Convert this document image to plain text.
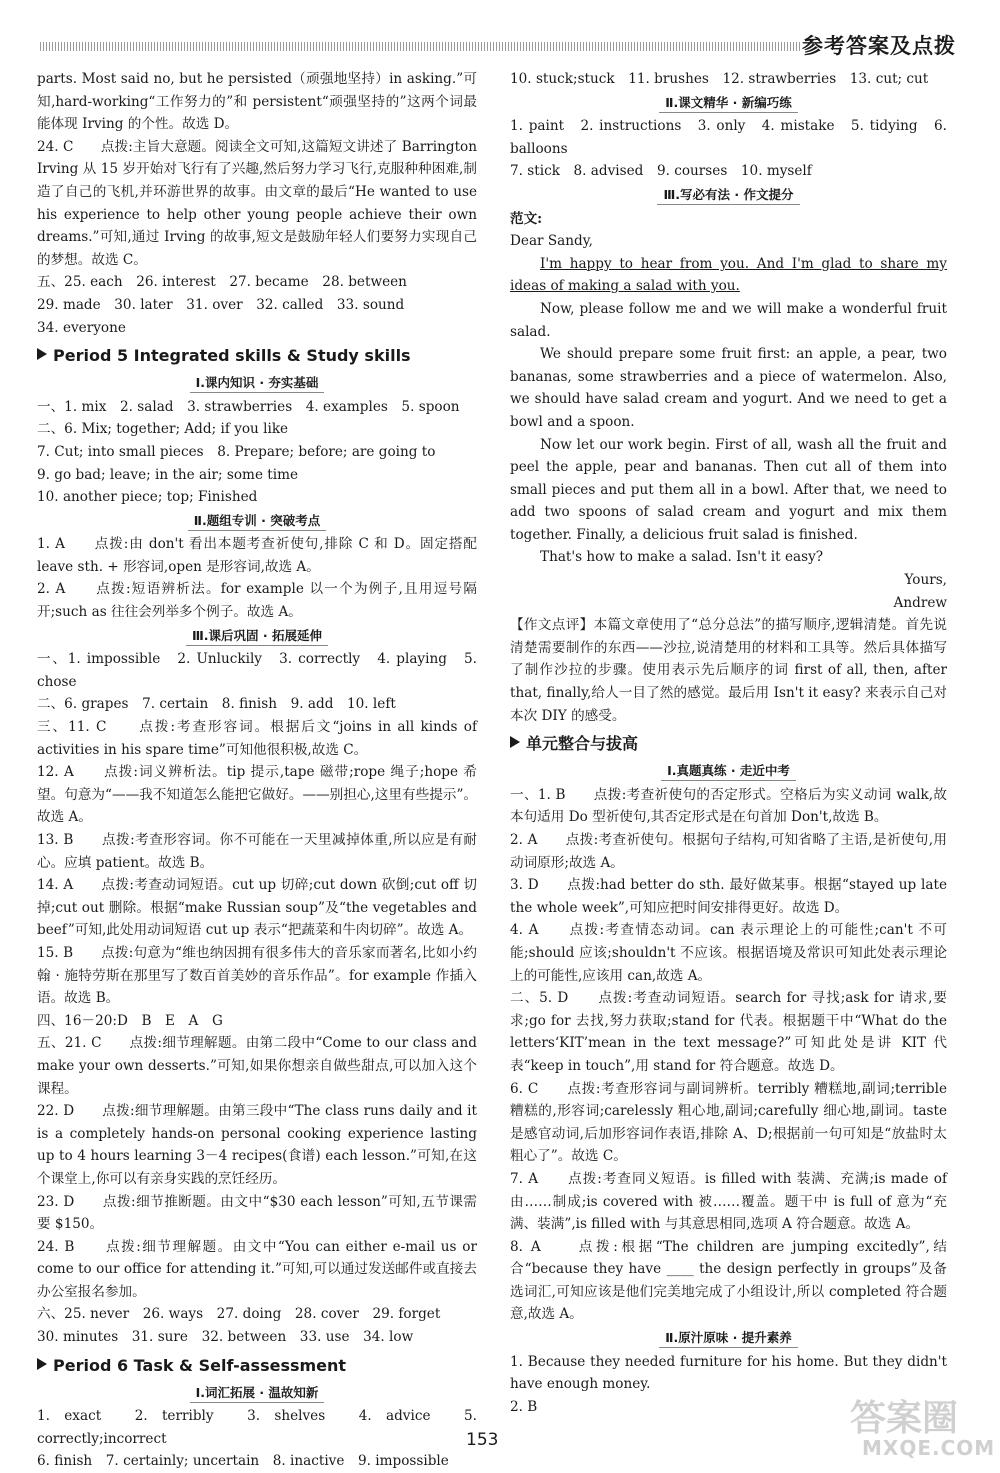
参考答案及点拨

parts. Most said no, but he persisted（顽强地坚持）in asking.”可知,hard-working“工作努力的”和 persistent“顽强坚持的”这两个词最能体现 Irving 的个性。故选 D。

24. C　　点拨:主旨大意题。阅读全文可知,这篇短文讲述了 Barrington Irving 从 15 岁开始对飞行有了兴趣,然后努力学习飞行,克服种种困难,制造了自己的飞机,并环游世界的故事。由文章的最后“He wanted to use his experience to help other young people achieve their own dreams.”可知,通过 Irving 的故事,短文是鼓励年轻人们要努力实现自己的梦想。故选 C。

五、25. each　26. interest　27. became　28. between

29. made　30. later　31. over　32. called　33. sound

34. everyone

Period 5 Integrated skills & Study skills
Ⅰ.课内知识 · 夯实基础

一、1. mix　2. salad　3. strawberries　4. examples　5. spoon

二、6. Mix; together; Add; if you like

7. Cut; into small pieces　8. Prepare; before; are going to

9. go bad; leave; in the air; some time

10. another piece; top; Finished

Ⅱ.题组专训 · 突破考点

1. A　　点拨:由 don't 看出本题考查祈使句,排除 C 和 D。固定搭配 leave sth. + 形容词,open 是形容词,故选 A。

2. A　　点拨:短语辨析法。for example 以一个为例子,且用逗号隔开;such as 往往会列举多个例子。故选 A。

Ⅲ.课后巩固 · 拓展延伸

一、1. impossible　2. Unluckily　3. correctly　4. playing　5. chose

二、6. grapes　7. certain　8. finish　9. add　10. left

三、11. C　　点拨:考查形容词。根据后文“joins in all kinds of activities in his spare time”可知他很积极,故选 C。

12. A　　点拨:词义辨析法。tip 提示,tape 磁带;rope 绳子;hope 希望。句意为“——我不知道怎么能把它做好。——别担心,这里有些提示”。故选 A。

13. B　　点拨:考查形容词。你不可能在一天里减掉体重,所以应是有耐心。应填 patient。故选 B。

14. A　　点拨:考查动词短语。cut up 切碎;cut down 砍倒;cut off 切掉;cut out 删除。根据“make Russian soup”及“the vegetables and beef”可知,此处用动词短语 cut up 表示“把蔬菜和牛肉切碎”。故选 A。

15. B　　点拨:句意为“维也纳因拥有很多伟大的音乐家而著名,比如小约翰 · 施特劳斯在那里写了数百首美妙的音乐作品”。for example 作插入语。故选 B。

四、16－20:D　B　E　A　G

五、21. C　　点拨:细节理解题。由第二段中“Come to our class and make your own desserts.”可知,如果你想亲自做些甜点,可以加入这个课程。

22. D　　点拨:细节理解题。由第三段中“The class runs daily and it is a completely hands-on personal cooking experience lasting up to 4 hours learning 3－4 recipes(食谱) each lesson.”可知,在这个课堂上,你可以有亲身实践的烹饪经历。

23. D　　点拨:细节推断题。由文中“$30 each lesson”可知,五节课需要 $150。

24. B　　点拨:细节理解题。由文中“You can either e-mail us or come to our office for attending it.”可知,可以通过发送邮件或直接去办公室报名参加。

六、25. never　26. ways　27. doing　28. cover　29. forget

30. minutes　31. sure　32. between　33. use　34. low

Period 6 Task & Self-assessment
Ⅰ.词汇拓展 · 温故知新

1. exact　2. terribly　3. shelves　4. advice　5. correctly;incorrect

6. finish　7. certainly; uncertain　8. inactive　9. impossible

10. stuck;stuck　11. brushes　12. strawberries　13. cut; cut

Ⅱ.课文精华 · 新编巧练

1. paint　2. instructions　3. only　4. mistake　5. tidying　6. balloons

7. stick　8. advised　9. courses　10. myself

Ⅲ.写必有法 · 作文提分

范文:

Dear Sandy,

I'm happy to hear from you. And I'm glad to share my ideas of making a salad with you.

Now, please follow me and we will make a wonderful fruit salad.

We should prepare some fruit first: an apple, a pear, two bananas, some strawberries and a piece of watermelon. Also, we should have salad cream and yogurt. And we need to get a bowl and a spoon.

Now let our work begin. First of all, wash all the fruit and peel the apple, pear and bananas. Then cut all of them into small pieces and put them all in a bowl. After that, we need to add two spoons of salad cream and yogurt and mix them together. Finally, a delicious fruit salad is finished.

That's how to make a salad. Isn't it easy?

Yours,

Andrew

【作文点评】本篇文章使用了“总分总法”的描写顺序,逻辑清楚。首先说清楚需要制作的东西——沙拉,说清楚用的材料和工具等。然后具体描写了制作沙拉的步骤。使用表示先后顺序的词 first of all, then, after that, finally,给人一目了然的感觉。最后用 Isn't it easy? 来表示自己对本次 DIY 的感受。

单元整合与拔高
Ⅰ.真题真练 · 走近中考

一、1. B　　点拨:考查祈使句的否定形式。空格后为实义动词 walk,故本句适用 Do 型祈使句,其否定形式是在句首加 Don't,故选 B。

2. A　　点拨:考查祈使句。根据句子结构,可知省略了主语,是祈使句,用动词原形;故选 A。

3. D　　点拨:had better do sth. 最好做某事。根据“stayed up late the whole week”,可知应把时间安排得更好。故选 D。

4. A　　点拨:考查情态动词。can 表示理论上的可能性;can't 不可能;should 应该;shouldn't 不应该。根据语境及常识可知此处表示理论上的可能性,应该用 can,故选 A。

二、5. D　　点拨:考查动词短语。search for 寻找;ask for 请求,要求;go for 去找,努力获取;stand for 代表。根据题干中“What do the letters‘KIT’mean in the text message?”可知此处是讲 KIT 代表“keep in touch”,用 stand for 符合题意。故选 D。

6. C　　点拨:考查形容词与副词辨析。terribly 糟糕地,副词;terrible 糟糕的,形容词;carelessly 粗心地,副词;carefully 细心地,副词。taste 是感官动词,后加形容词作表语,排除 A、D;根据前一句可知是“放盐时太粗心了”。故选 C。

7. A　　点拨:考查同义短语。is filled with 装满、充满;is made of 由……制成;is covered with 被……覆盖。题干中 is full of 意为“充满、装满”,is filled with 与其意思相同,选项 A 符合题意。故选 A。

8. A　　点拨:根据“The children are jumping excitedly”,结合“because they have ____ the design perfectly in groups”及备选词汇,可知应该是他们完美地完成了小组设计,所以 completed 符合题意,故选 A。

Ⅱ.原汁原味 · 提升素养

1. Because they needed furniture for his home. But they didn't have enough money.

2. B

153
答案圈
MXQE.COM
